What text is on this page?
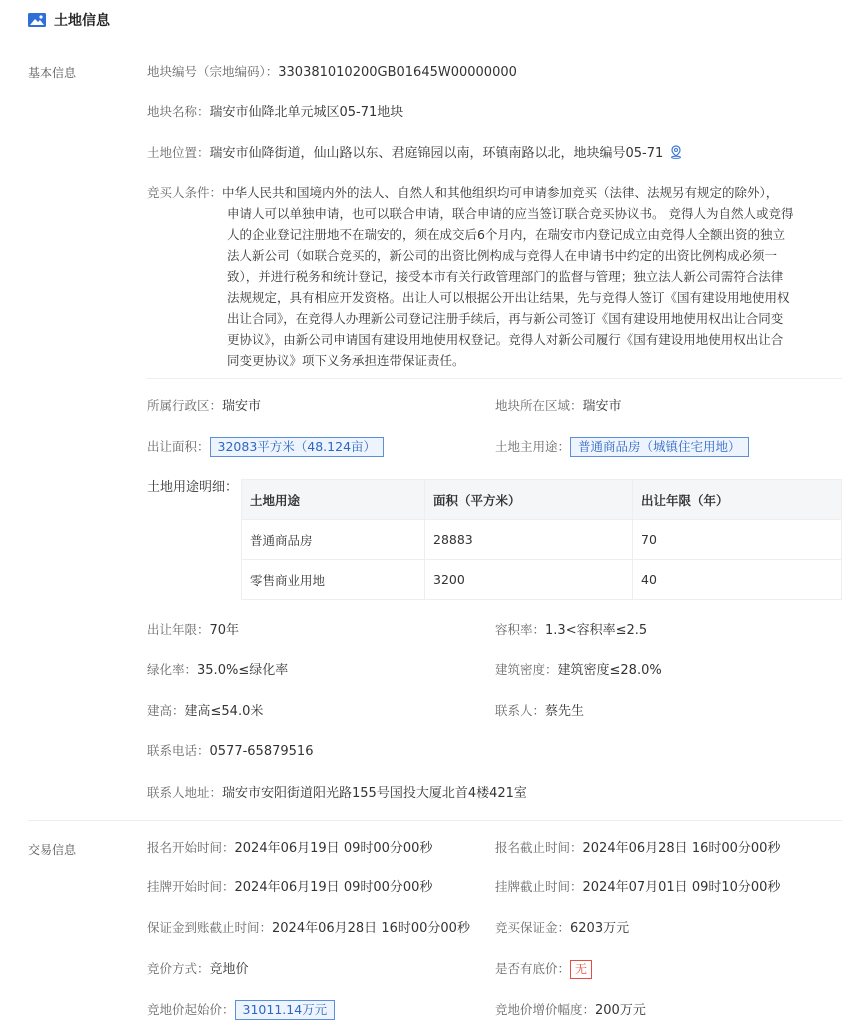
土地信息
基本信息	地块编号（宗地编码）：330381010200GB01645W00000000
地块名称：瑞安市仙降北单元城区05-71地块
土地位置：瑞安市仙降街道，仙山路以东、君庭锦园以南，环镇南路以北，地块编号05-71
竞买人条件：中华人民共和国境内外的法人、自然人和其他组织均可申请参加竞买（法律、法规另有规定的除外），
申请人可以单独申请，也可以联合申请，联合申请的应当签订联合竞买协议书。 竞得人为自然人或竞得
人的企业登记注册地不在瑞安的，须在成交后6个月内，在瑞安市内登记成立由竞得人全额出资的独立
法人新公司（如联合竞买的，新公司的出资比例构成与竞得人在申请书中约定的出资比例构成必须一
致），并进行税务和统计登记，接受本市有关行政管理部门的监督与管理；独立法人新公司需符合法律
法规规定，具有相应开发资格。出让人可以根据公开出让结果，先与竞得人签订《国有建设用地使用权
出让合同》，在竞得人办理新公司登记注册手续后，再与新公司签订《国有建设用地使用权出让合同变
更协议》，由新公司申请国有建设用地使用权登记。竞得人对新公司履行《国有建设用地使用权出让合
同变更协议》项下义务承担连带保证责任。
所属行政区：瑞安市	地块所在区域：瑞安市
出让面积： 32083平方米（48.124亩）	土地主用途： 普通商品房（城镇住宅用地）
土地用途明细：
土地用途	面积（平方米）	出让年限（年）
普通商品房	28883	70
零售商业用地	3200	40
出让年限：70年	容积率：1.3<容积率≤2.5
绿化率：35.0%≤绿化率	建筑密度：建筑密度≤28.0%
建高：建高≤54.0米	联系人：蔡先生
联系电话：0577-65879516
联系人地址：瑞安市安阳街道阳光路155号国投大厦北首4楼421室
交易信息	报名开始时间：2024年06月19日 09时00分00秒	报名截止时间：2024年06月28日 16时00分00秒
挂牌开始时间：2024年06月19日 09时00分00秒	挂牌截止时间：2024年07月01日 09时10分00秒
保证金到账截止时间：2024年06月28日 16时00分00秒 竞买保证金：6203万元
竞价方式：竞地价	是否有底价： 无
竞地价起始价： 31011.14万元	竞地价增价幅度：200万元
